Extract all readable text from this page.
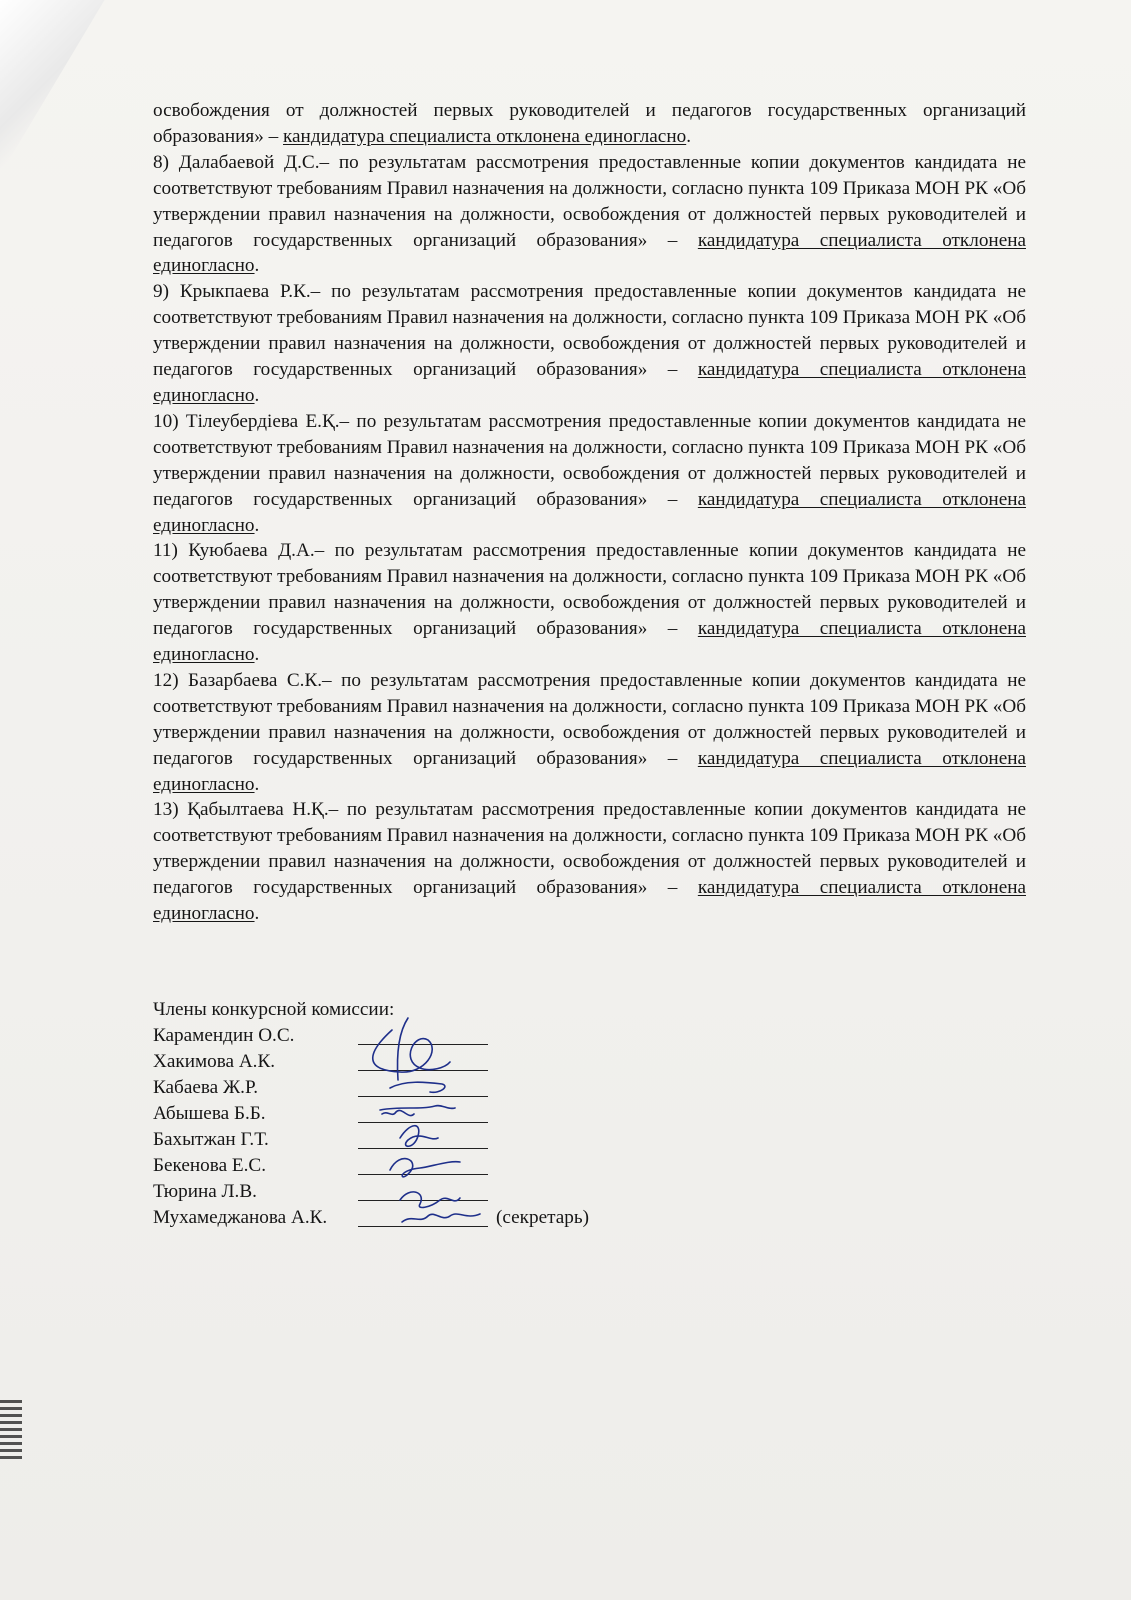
освобождения от должностей первых руководителей и педагогов государственных организаций образования» – кандидатура специалиста отклонена единогласно.

8) Далабаевой Д.С.– по результатам рассмотрения предоставленные копии документов кандидата не соответствуют требованиям Правил назначения на должности, согласно пункта 109 Приказа МОН РК «Об утверждении правил назначения на должности, освобождения от должностей первых руководителей и педагогов государственных организаций образования» – кандидатура специалиста отклонена единогласно.

9) Крыкпаева Р.К.– по результатам рассмотрения предоставленные копии документов кандидата не соответствуют требованиям Правил назначения на должности, согласно пункта 109 Приказа МОН РК «Об утверждении правил назначения на должности, освобождения от должностей первых руководителей и педагогов государственных организаций образования» – кандидатура специалиста отклонена единогласно.

10) Тілеубердіева Е.Қ.– по результатам рассмотрения предоставленные копии документов кандидата не соответствуют требованиям Правил назначения на должности, согласно пункта 109 Приказа МОН РК «Об утверждении правил назначения на должности, освобождения от должностей первых руководителей и педагогов государственных организаций образования» – кандидатура специалиста отклонена единогласно.

11) Куюбаева Д.А.– по результатам рассмотрения предоставленные копии документов кандидата не соответствуют требованиям Правил назначения на должности, согласно пункта 109 Приказа МОН РК «Об утверждении правил назначения на должности, освобождения от должностей первых руководителей и педагогов государственных организаций образования» – кандидатура специалиста отклонена единогласно.

12) Базарбаева С.К.– по результатам рассмотрения предоставленные копии документов кандидата не соответствуют требованиям Правил назначения на должности, согласно пункта 109 Приказа МОН РК «Об утверждении правил назначения на должности, освобождения от должностей первых руководителей и педагогов государственных организаций образования» – кандидатура специалиста отклонена единогласно.

13) Қабылтаева Н.Қ.– по результатам рассмотрения предоставленные копии документов кандидата не соответствуют требованиям Правил назначения на должности, согласно пункта 109 Приказа МОН РК «Об утверждении правил назначения на должности, освобождения от должностей первых руководителей и педагогов государственных организаций образования» – кандидатура специалиста отклонена единогласно.

Члены конкурсной комиссии:
Карамендин О.С.
Хакимова А.К.
Кабаева Ж.Р.
Абышева Б.Б.
Бахытжан Г.Т.
Бекенова Е.С.
Тюрина Л.В.
Мухамеджанова А.К.	(секретарь)
